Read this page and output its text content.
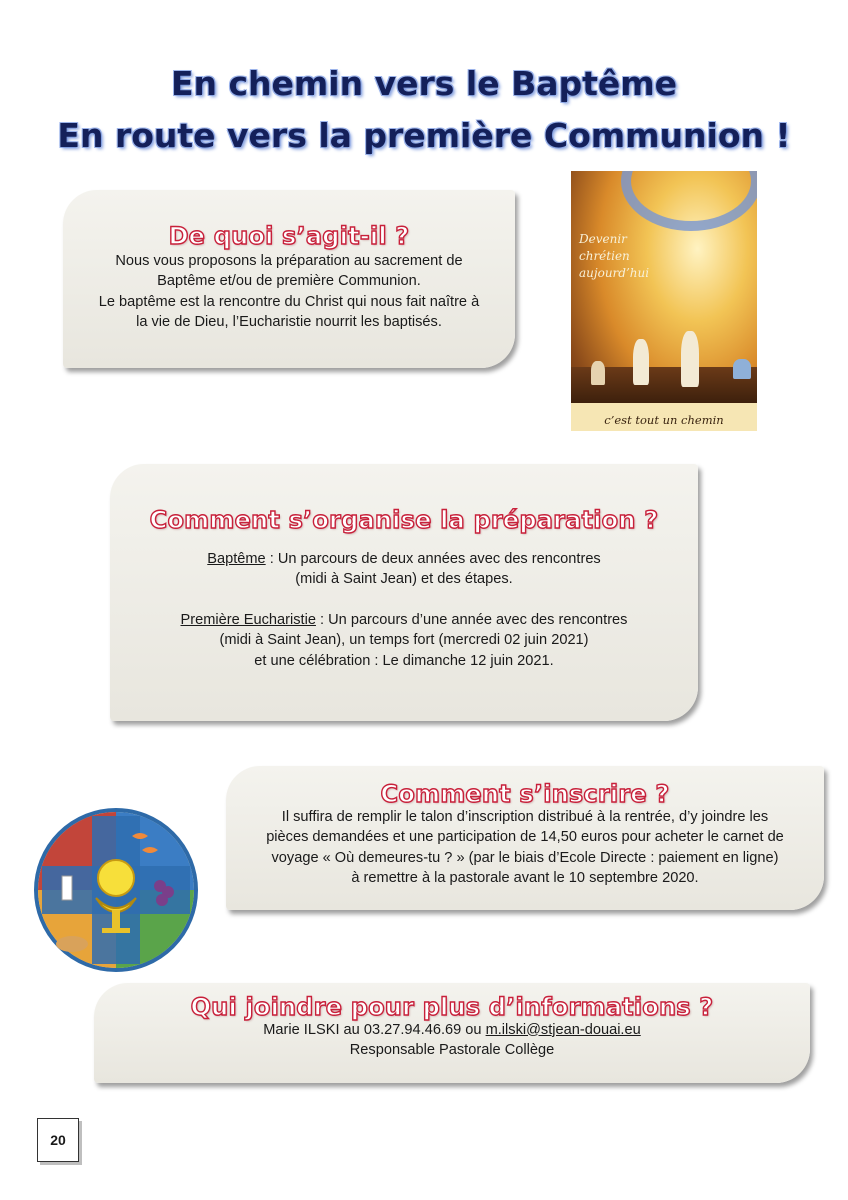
En chemin vers le Baptême
En route vers la première Communion !
De quoi s’agit-il ?

Nous vous proposons la préparation au sacrement de

Baptême et/ou de première Communion.

Le baptême est la rencontre du Christ qui nous fait naître à

la vie de Dieu, l’Eucharistie nourrit les baptisés.

Devenir chrétien aujourd’hui
c’est tout un chemin
Comment s’organise la préparation ?

Baptême : Un parcours de deux années avec des rencontres

(midi à Saint Jean) et des étapes.

Première Eucharistie : Un parcours d’une année avec des rencontres

(midi à Saint Jean), un temps fort (mercredi 02 juin 2021)

et une célébration : Le dimanche 12 juin 2021.

Comment s’inscrire ?

Il suffira de remplir le talon d’inscription distribué à la rentrée, d’y joindre les

pièces demandées et une participation de 14,50 euros pour acheter le carnet de

voyage « Où demeures-tu ? » (par le biais d’Ecole Directe : paiement en ligne)

à remettre à la pastorale avant le 10 septembre 2020.

Qui joindre pour plus d’informations ?

Marie ILSKI au 03.27.94.46.69 ou m.ilski@stjean-douai.eu

Responsable Pastorale Collège

20
